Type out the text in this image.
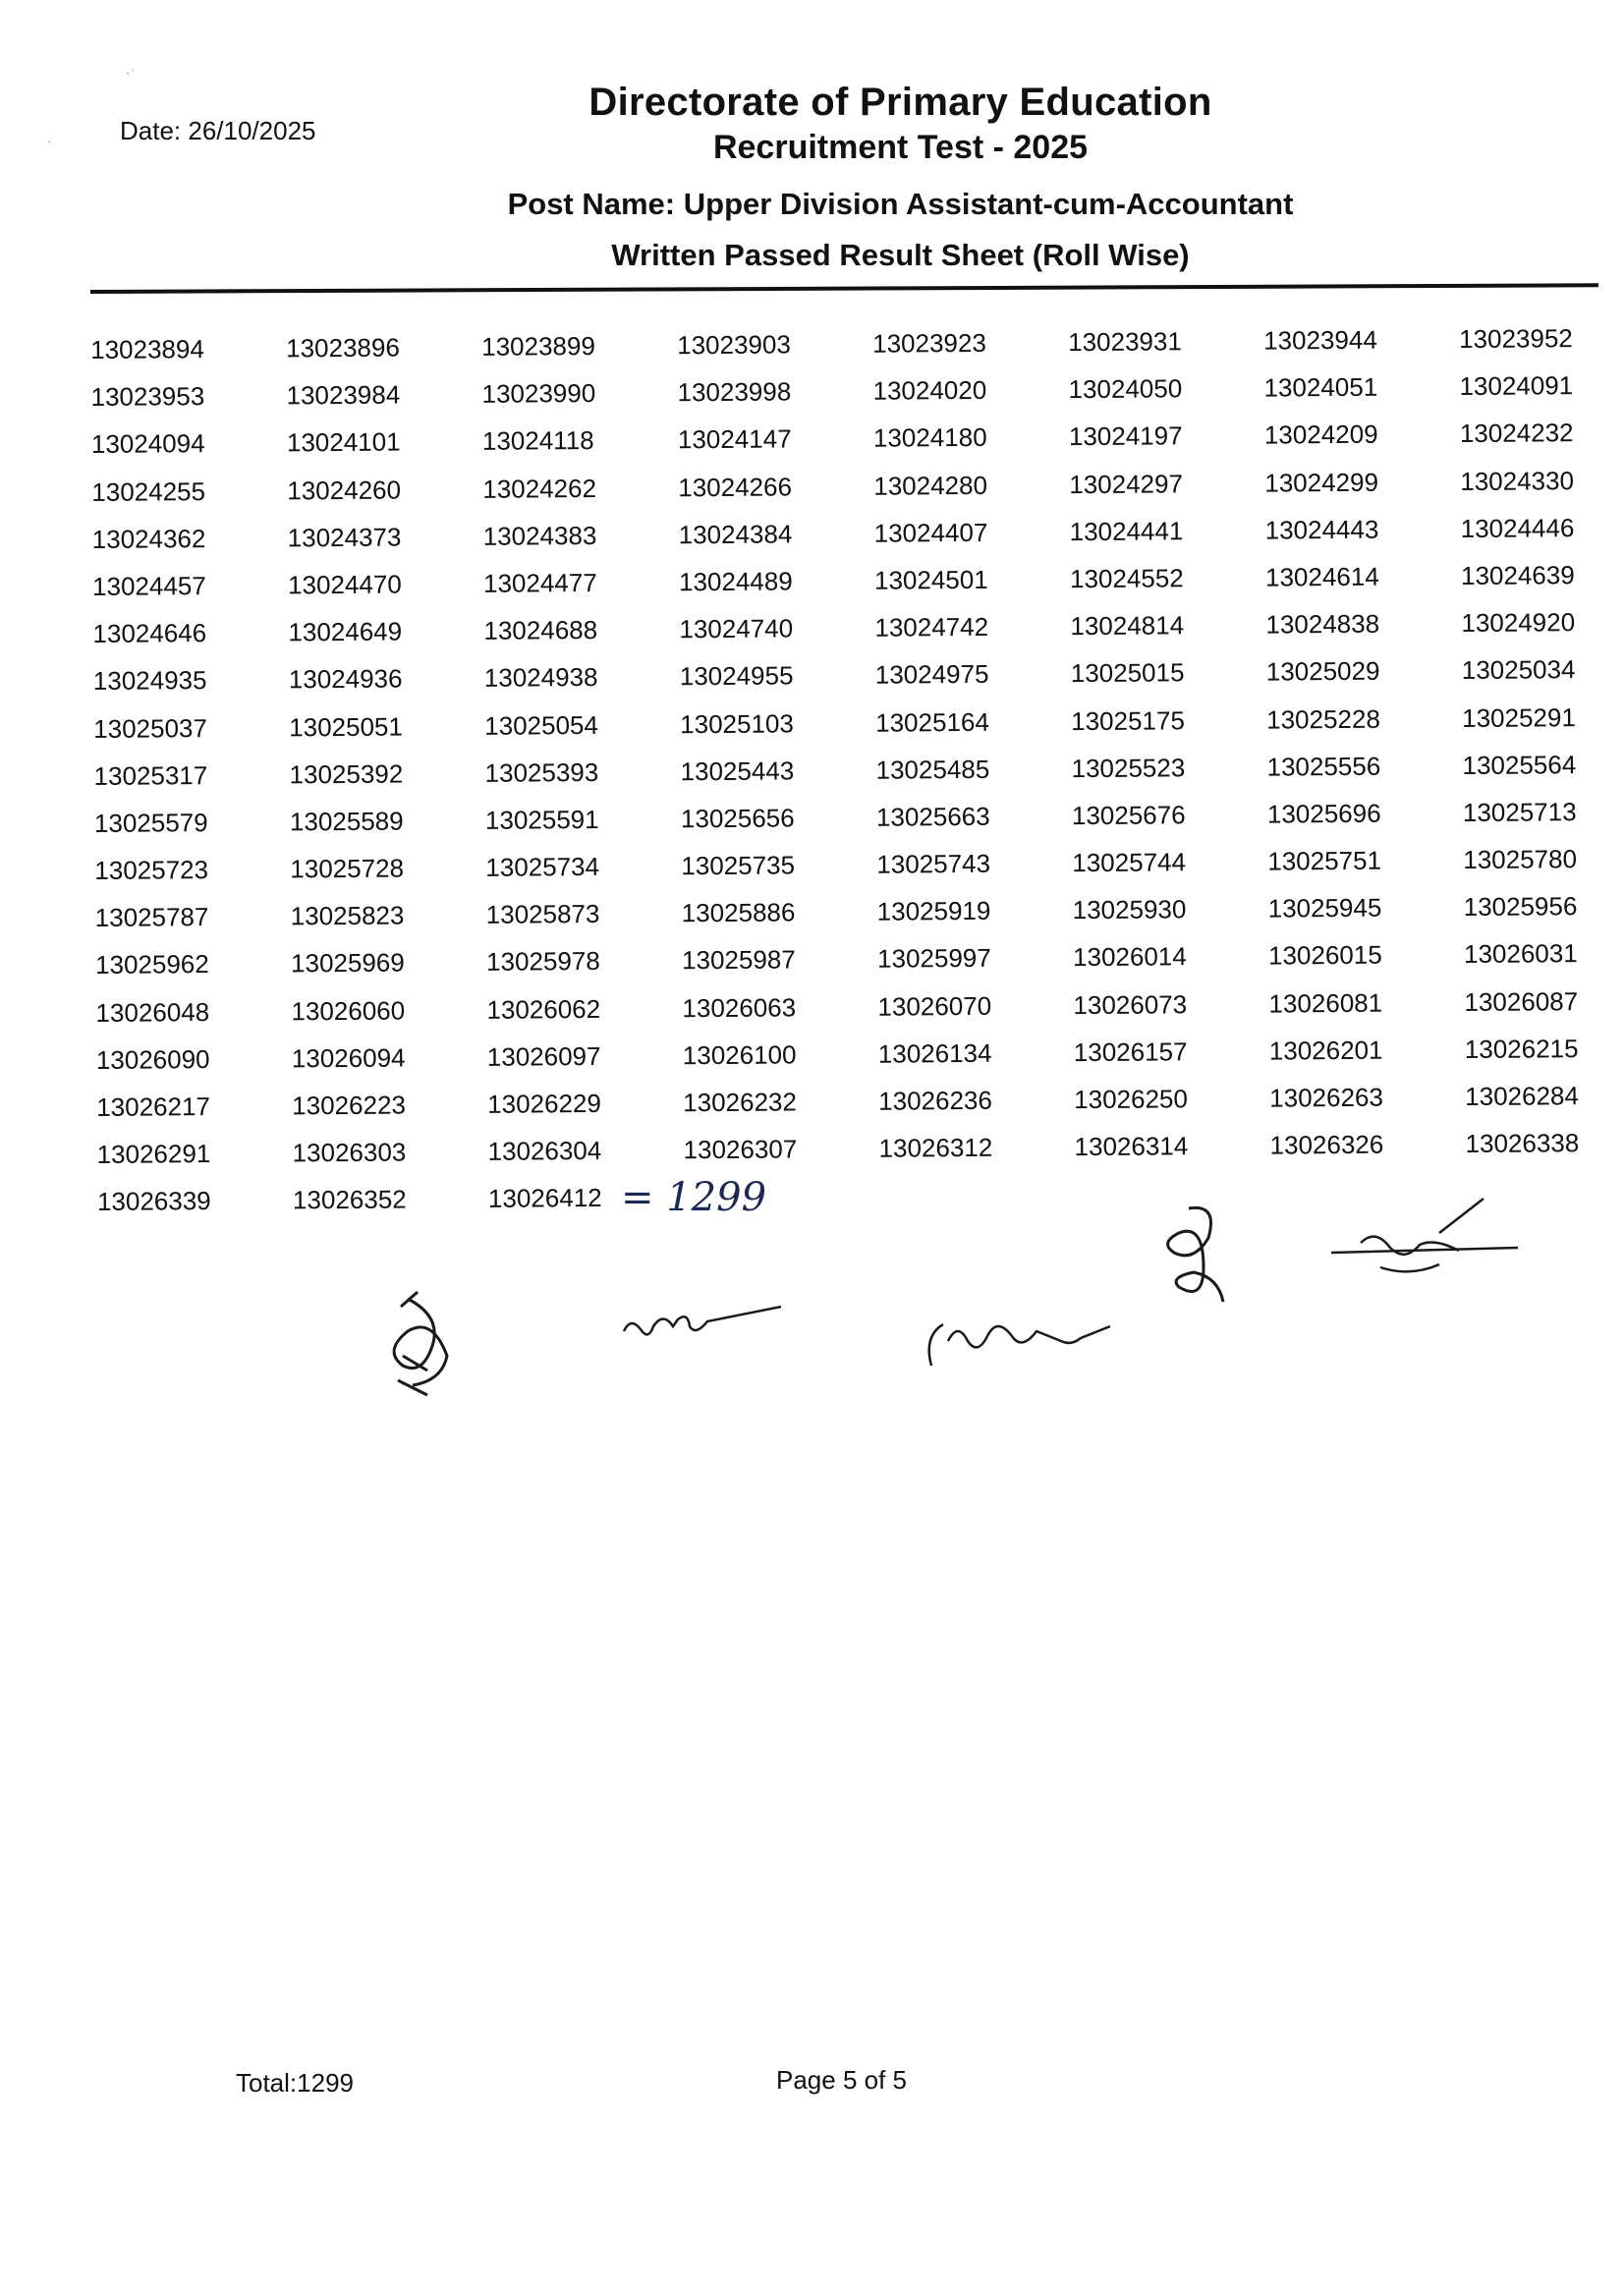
ˎ˒
·	Date: 26/10/2025
Directorate of Primary Education
Recruitment Test - 2025
Post Name: Upper Division Assistant-cum-Accountant
Written Passed Result Sheet (Roll Wise)
13023894	13023896	13023899	13023903	13023923	13023931	13023944	13023952
13023953	13023984	13023990	13023998	13024020	13024050	13024051	13024091
13024094	13024101	13024118	13024147	13024180	13024197	13024209	13024232
13024255	13024260	13024262	13024266	13024280	13024297	13024299	13024330
13024362	13024373	13024383	13024384	13024407	13024441	13024443	13024446
13024457	13024470	13024477	13024489	13024501	13024552	13024614	13024639
13024646	13024649	13024688	13024740	13024742	13024814	13024838	13024920
13024935	13024936	13024938	13024955	13024975	13025015	13025029	13025034
13025037	13025051	13025054	13025103	13025164	13025175	13025228	13025291
13025317	13025392	13025393	13025443	13025485	13025523	13025556	13025564
13025579	13025589	13025591	13025656	13025663	13025676	13025696	13025713
13025723	13025728	13025734	13025735	13025743	13025744	13025751	13025780
13025787	13025823	13025873	13025886	13025919	13025930	13025945	13025956
13025962	13025969	13025978	13025987	13025997	13026014	13026015	13026031
13026048	13026060	13026062	13026063	13026070	13026073	13026081	13026087
13026090	13026094	13026097	13026100	13026134	13026157	13026201	13026215
13026217	13026223	13026229	13026232	13026236	13026250	13026263	13026284
13026291	13026303	13026304	13026307	13026312	13026314	13026326	13026338
13026339	13026352	13026412 = 1299
Total:1299	Page 5 of 5
